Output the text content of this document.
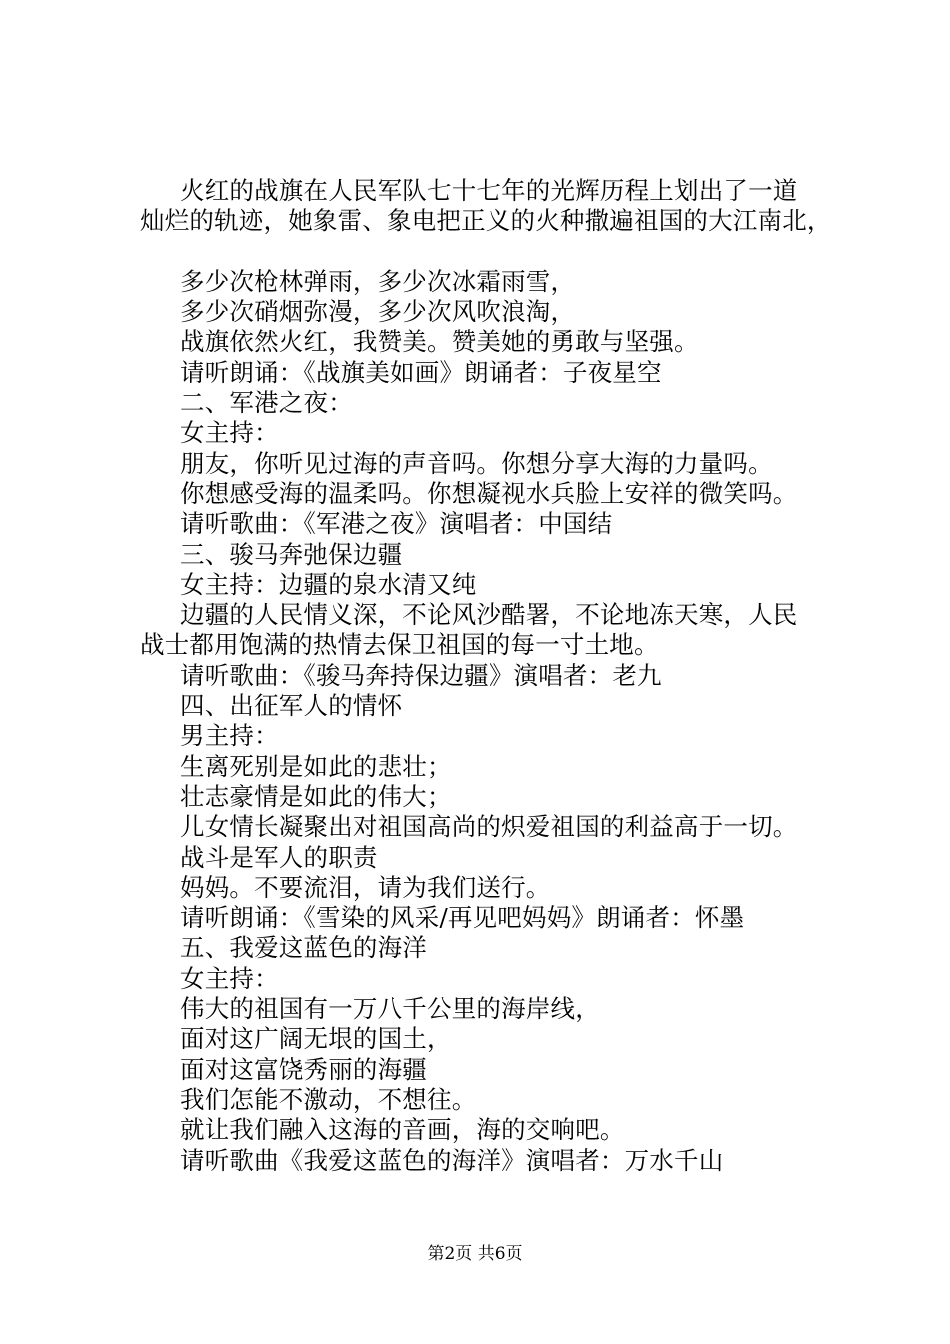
火红的战旗在人民军队七十七年的光辉历程上划出了一道
灿烂的轨迹，她象雷、象电把正义的火种撒遍祖国的大江南北，
多少次枪林弹雨，多少次冰霜雨雪，
多少次硝烟弥漫，多少次风吹浪淘，
战旗依然火红，我赞美。赞美她的勇敢与坚强。
请听朗诵：《战旗美如画》朗诵者：子夜星空
二、军港之夜：
女主持：
朋友，你听见过海的声音吗。你想分享大海的力量吗。
你想感受海的温柔吗。你想凝视水兵脸上安祥的微笑吗。
请听歌曲：《军港之夜》演唱者：中国结
三、骏马奔弛保边疆
女主持：边疆的泉水清又纯
边疆的人民情义深，不论风沙酷署，不论地冻天寒，人民
战士都用饱满的热情去保卫祖国的每一寸土地。
请听歌曲：《骏马奔持保边疆》演唱者：老九
四、出征军人的情怀
男主持：
生离死别是如此的悲壮；
壮志豪情是如此的伟大；
儿女情长凝聚出对祖国高尚的炽爱祖国的利益高于一切。
战斗是军人的职责
妈妈。不要流泪，请为我们送行。
请听朗诵：《雪染的风采/再见吧妈妈》朗诵者：怀墨
五、我爱这蓝色的海洋
女主持：
伟大的祖国有一万八千公里的海岸线，
面对这广阔无垠的国土，
面对这富饶秀丽的海疆
我们怎能不激动，不想往。
就让我们融入这海的音画，海的交响吧。
请听歌曲《我爱这蓝色的海洋》演唱者：万水千山
第2页 共6页
